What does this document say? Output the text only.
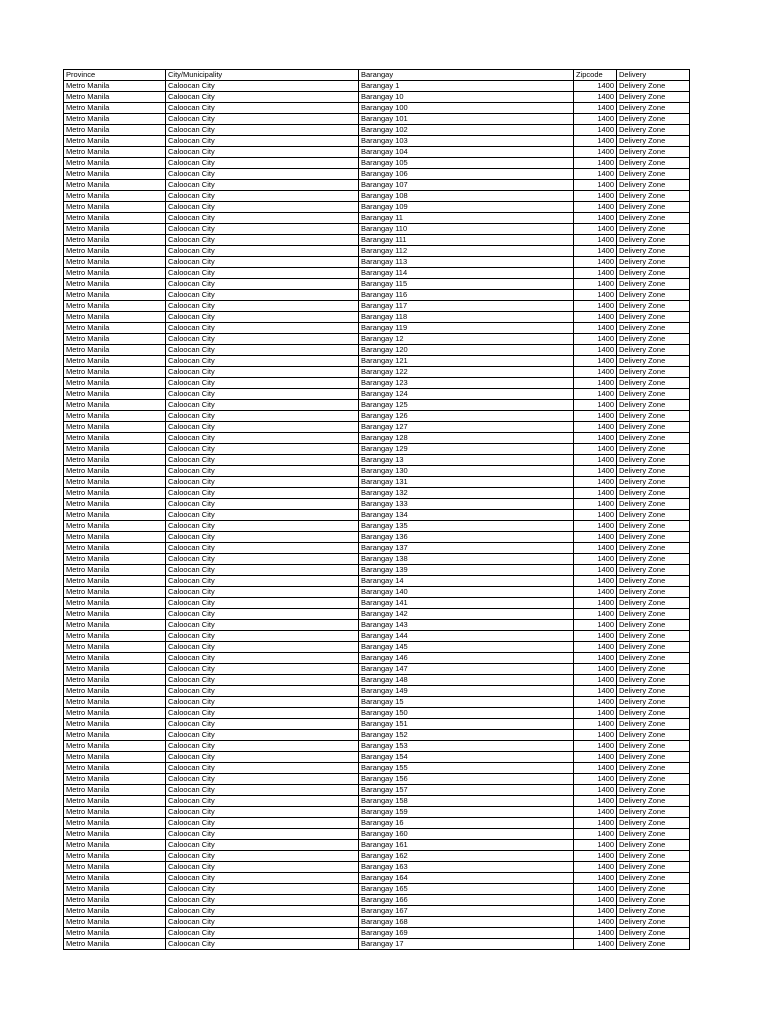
Province	City/Municipality	Barangay	Zipcode	Delivery
Metro Manila	Caloocan City	Barangay 1	1400	Delivery Zone
Metro Manila	Caloocan City	Barangay 10	1400	Delivery Zone
Metro Manila	Caloocan City	Barangay 100	1400	Delivery Zone
Metro Manila	Caloocan City	Barangay 101	1400	Delivery Zone
Metro Manila	Caloocan City	Barangay 102	1400	Delivery Zone
Metro Manila	Caloocan City	Barangay 103	1400	Delivery Zone
Metro Manila	Caloocan City	Barangay 104	1400	Delivery Zone
Metro Manila	Caloocan City	Barangay 105	1400	Delivery Zone
Metro Manila	Caloocan City	Barangay 106	1400	Delivery Zone
Metro Manila	Caloocan City	Barangay 107	1400	Delivery Zone
Metro Manila	Caloocan City	Barangay 108	1400	Delivery Zone
Metro Manila	Caloocan City	Barangay 109	1400	Delivery Zone
Metro Manila	Caloocan City	Barangay 11	1400	Delivery Zone
Metro Manila	Caloocan City	Barangay 110	1400	Delivery Zone
Metro Manila	Caloocan City	Barangay 111	1400	Delivery Zone
Metro Manila	Caloocan City	Barangay 112	1400	Delivery Zone
Metro Manila	Caloocan City	Barangay 113	1400	Delivery Zone
Metro Manila	Caloocan City	Barangay 114	1400	Delivery Zone
Metro Manila	Caloocan City	Barangay 115	1400	Delivery Zone
Metro Manila	Caloocan City	Barangay 116	1400	Delivery Zone
Metro Manila	Caloocan City	Barangay 117	1400	Delivery Zone
Metro Manila	Caloocan City	Barangay 118	1400	Delivery Zone
Metro Manila	Caloocan City	Barangay 119	1400	Delivery Zone
Metro Manila	Caloocan City	Barangay 12	1400	Delivery Zone
Metro Manila	Caloocan City	Barangay 120	1400	Delivery Zone
Metro Manila	Caloocan City	Barangay 121	1400	Delivery Zone
Metro Manila	Caloocan City	Barangay 122	1400	Delivery Zone
Metro Manila	Caloocan City	Barangay 123	1400	Delivery Zone
Metro Manila	Caloocan City	Barangay 124	1400	Delivery Zone
Metro Manila	Caloocan City	Barangay 125	1400	Delivery Zone
Metro Manila	Caloocan City	Barangay 126	1400	Delivery Zone
Metro Manila	Caloocan City	Barangay 127	1400	Delivery Zone
Metro Manila	Caloocan City	Barangay 128	1400	Delivery Zone
Metro Manila	Caloocan City	Barangay 129	1400	Delivery Zone
Metro Manila	Caloocan City	Barangay 13	1400	Delivery Zone
Metro Manila	Caloocan City	Barangay 130	1400	Delivery Zone
Metro Manila	Caloocan City	Barangay 131	1400	Delivery Zone
Metro Manila	Caloocan City	Barangay 132	1400	Delivery Zone
Metro Manila	Caloocan City	Barangay 133	1400	Delivery Zone
Metro Manila	Caloocan City	Barangay 134	1400	Delivery Zone
Metro Manila	Caloocan City	Barangay 135	1400	Delivery Zone
Metro Manila	Caloocan City	Barangay 136	1400	Delivery Zone
Metro Manila	Caloocan City	Barangay 137	1400	Delivery Zone
Metro Manila	Caloocan City	Barangay 138	1400	Delivery Zone
Metro Manila	Caloocan City	Barangay 139	1400	Delivery Zone
Metro Manila	Caloocan City	Barangay 14	1400	Delivery Zone
Metro Manila	Caloocan City	Barangay 140	1400	Delivery Zone
Metro Manila	Caloocan City	Barangay 141	1400	Delivery Zone
Metro Manila	Caloocan City	Barangay 142	1400	Delivery Zone
Metro Manila	Caloocan City	Barangay 143	1400	Delivery Zone
Metro Manila	Caloocan City	Barangay 144	1400	Delivery Zone
Metro Manila	Caloocan City	Barangay 145	1400	Delivery Zone
Metro Manila	Caloocan City	Barangay 146	1400	Delivery Zone
Metro Manila	Caloocan City	Barangay 147	1400	Delivery Zone
Metro Manila	Caloocan City	Barangay 148	1400	Delivery Zone
Metro Manila	Caloocan City	Barangay 149	1400	Delivery Zone
Metro Manila	Caloocan City	Barangay 15	1400	Delivery Zone
Metro Manila	Caloocan City	Barangay 150	1400	Delivery Zone
Metro Manila	Caloocan City	Barangay 151	1400	Delivery Zone
Metro Manila	Caloocan City	Barangay 152	1400	Delivery Zone
Metro Manila	Caloocan City	Barangay 153	1400	Delivery Zone
Metro Manila	Caloocan City	Barangay 154	1400	Delivery Zone
Metro Manila	Caloocan City	Barangay 155	1400	Delivery Zone
Metro Manila	Caloocan City	Barangay 156	1400	Delivery Zone
Metro Manila	Caloocan City	Barangay 157	1400	Delivery Zone
Metro Manila	Caloocan City	Barangay 158	1400	Delivery Zone
Metro Manila	Caloocan City	Barangay 159	1400	Delivery Zone
Metro Manila	Caloocan City	Barangay 16	1400	Delivery Zone
Metro Manila	Caloocan City	Barangay 160	1400	Delivery Zone
Metro Manila	Caloocan City	Barangay 161	1400	Delivery Zone
Metro Manila	Caloocan City	Barangay 162	1400	Delivery Zone
Metro Manila	Caloocan City	Barangay 163	1400	Delivery Zone
Metro Manila	Caloocan City	Barangay 164	1400	Delivery Zone
Metro Manila	Caloocan City	Barangay 165	1400	Delivery Zone
Metro Manila	Caloocan City	Barangay 166	1400	Delivery Zone
Metro Manila	Caloocan City	Barangay 167	1400	Delivery Zone
Metro Manila	Caloocan City	Barangay 168	1400	Delivery Zone
Metro Manila	Caloocan City	Barangay 169	1400	Delivery Zone
Metro Manila	Caloocan City	Barangay 17	1400	Delivery Zone
